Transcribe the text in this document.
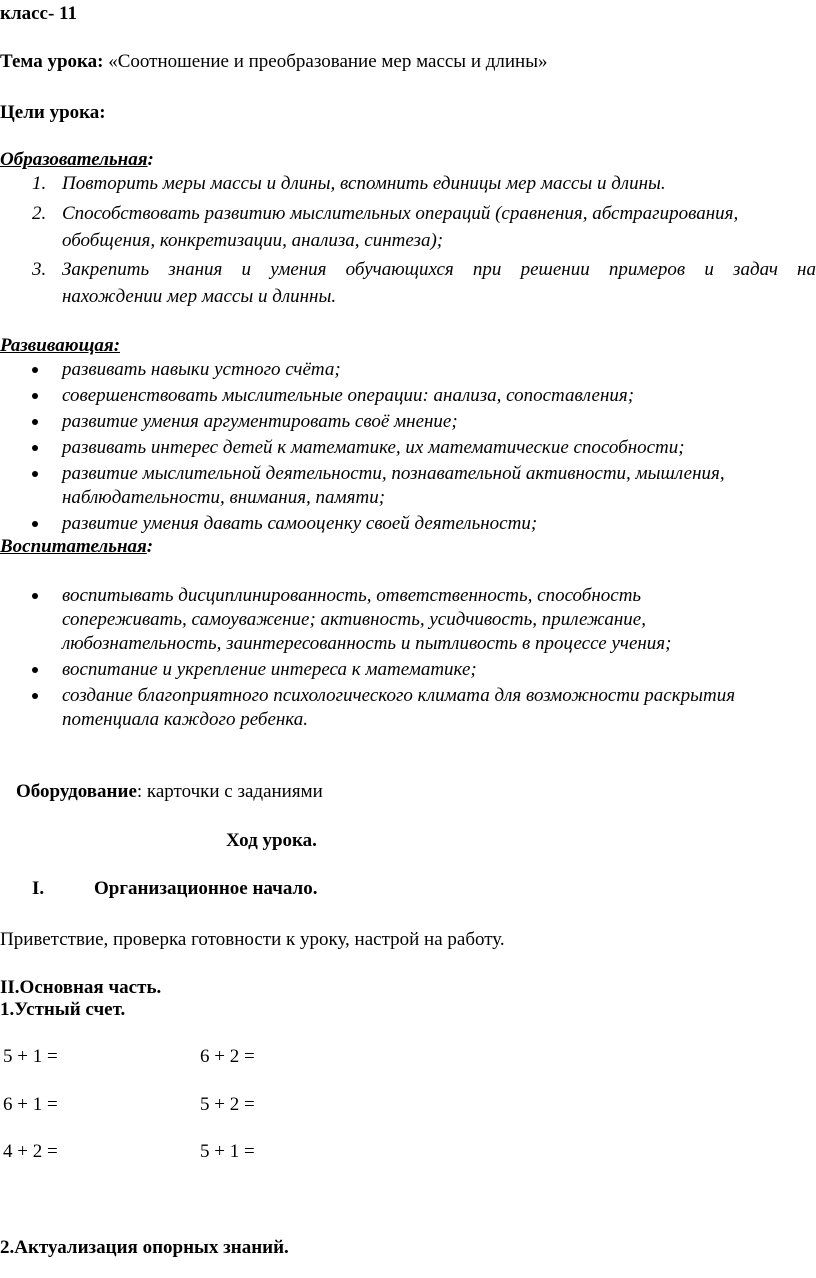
класс- 11
Тема урока: «Соотношение и преобразование мер массы и длины»
Цели урока:
Образовательная:
1. Повторить меры массы и длины, вспомнить единицы мер массы и длины.
2. Способствовать развитию мыслительных операций (сравнения, абстрагирования,
обобщения, конкретизации, анализа, синтеза);
3. Закрепить знания и умения обучающихся при решении примеров и задач на
нахождении мер массы и длинны.
Развивающая:
развивать навыки устного счёта;
совершенствовать мыслительные операции: анализа, сопоставления;
развитие умения аргументировать своё мнение;
развивать интерес детей к математике, их математические способности;
развитие мыслительной деятельности, познавательной активности, мышления,
наблюдательности, внимания, памяти;
развитие умения давать самооценку своей деятельности;
Воспитательная:
воспитывать дисциплинированность, ответственность, способность
сопереживать, самоуважение; активность, усидчивость, прилежание,
любознательность, заинтересованность и пытливость в процессе учения;
воспитание и укрепление интереса к математике;
создание благоприятного психологического климата для возможности раскрытия
потенциала каждого ребенка.
Оборудование: карточки с заданиями
Ход урока.
I.	Организационное начало.
Приветствие, проверка готовности к уроку, настрой на работу.
II.Основная часть.
1.Устный счет.
5 + 1 =	6 + 2 =
6 + 1 =	5 + 2 =
4 + 2 =	5 + 1 =
2.Актуализация опорных знаний.
